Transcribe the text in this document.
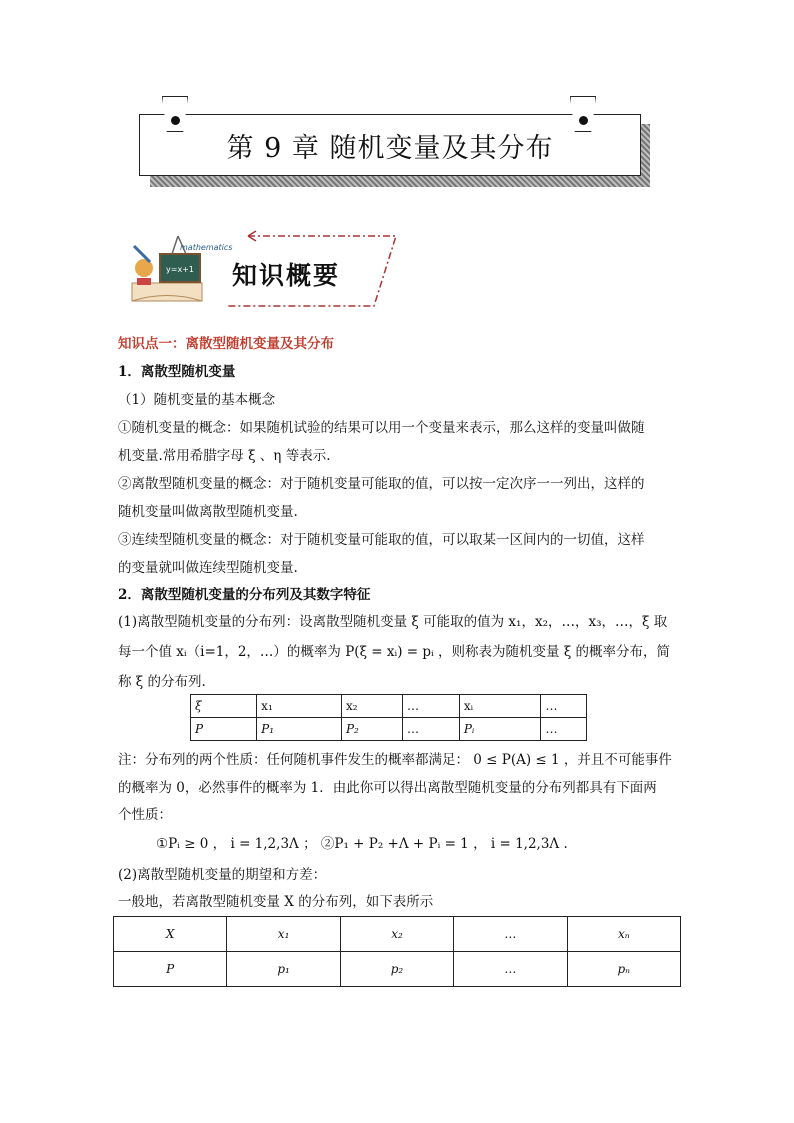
第 9 章 随机变量及其分布
y=x+1
mathematics
知识概要
知识点一：离散型随机变量及其分布
1．离散型随机变量
（1）随机变量的基本概念
①随机变量的概念：如果随机试验的结果可以用一个变量来表示，那么这样的变量叫做随
机变量.常用希腊字母 ξ 、η 等表示.
②离散型随机变量的概念：对于随机变量可能取的值，可以按一定次序一一列出，这样的
随机变量叫做离散型随机变量.
③连续型随机变量的概念：对于随机变量可能取的值，可以取某一区间内的一切值，这样
的变量就叫做连续型随机变量.
2．离散型随机变量的分布列及其数字特征
(1)离散型随机变量的分布列：设离散型随机变量 ξ 可能取的值为 x₁，x₂，…，x₃，…，ξ 取
每一个值 xᵢ（i=1，2，…）的概率为 P(ξ = xᵢ) = pᵢ ，则称表为随机变量 ξ 的概率分布，简
称 ξ 的分布列.
ξ	x₁	x₂	…	xᵢ	…
P	P₁	P₂	…	Pᵢ	…
注：分布列的两个性质：任何随机事件发生的概率都满足： 0 ≤ P(A) ≤ 1 ，并且不可能事件
的概率为 0，必然事件的概率为 1．由此你可以得出离散型随机变量的分布列都具有下面两
个性质：
①Pᵢ ≥ 0 ， i = 1,2,3Λ ； ②P₁ + P₂ +Λ + Pᵢ = 1 ， i = 1,2,3Λ .
(2)离散型随机变量的期望和方差：
一般地，若离散型随机变量 X 的分布列，如下表所示
X	x₁	x₂	…	xₙ
P	p₁	p₂	…	pₙ
